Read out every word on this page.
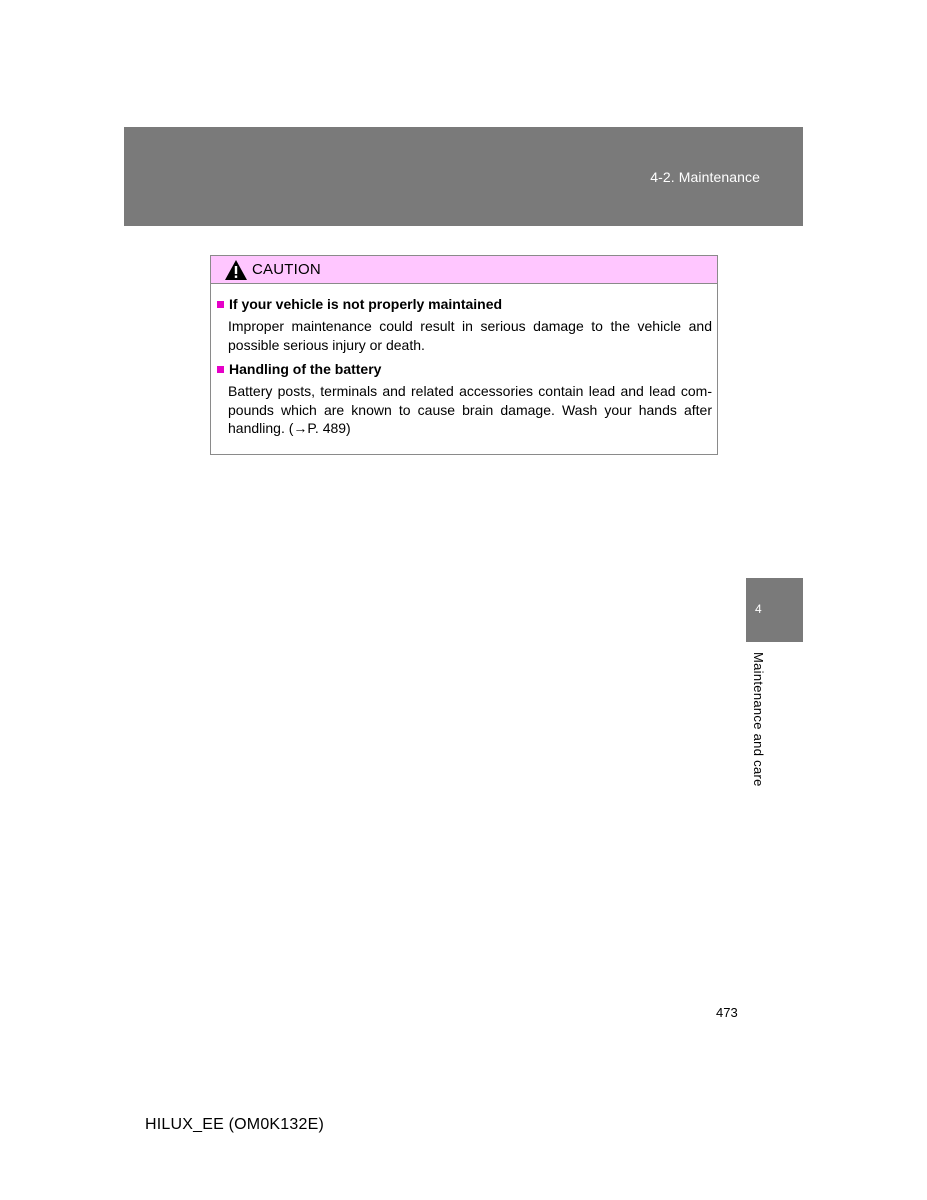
4-2. Maintenance
CAUTION
If your vehicle is not properly maintained

Improper maintenance could result in serious damage to the vehicle and possible serious injury or death.

Handling of the battery

Battery posts, terminals and related accessories contain lead and lead com-pounds which are known to cause brain damage. Wash your hands after handling. (→P. 489)

4
Maintenance and care
473
HILUX_EE (OM0K132E)
